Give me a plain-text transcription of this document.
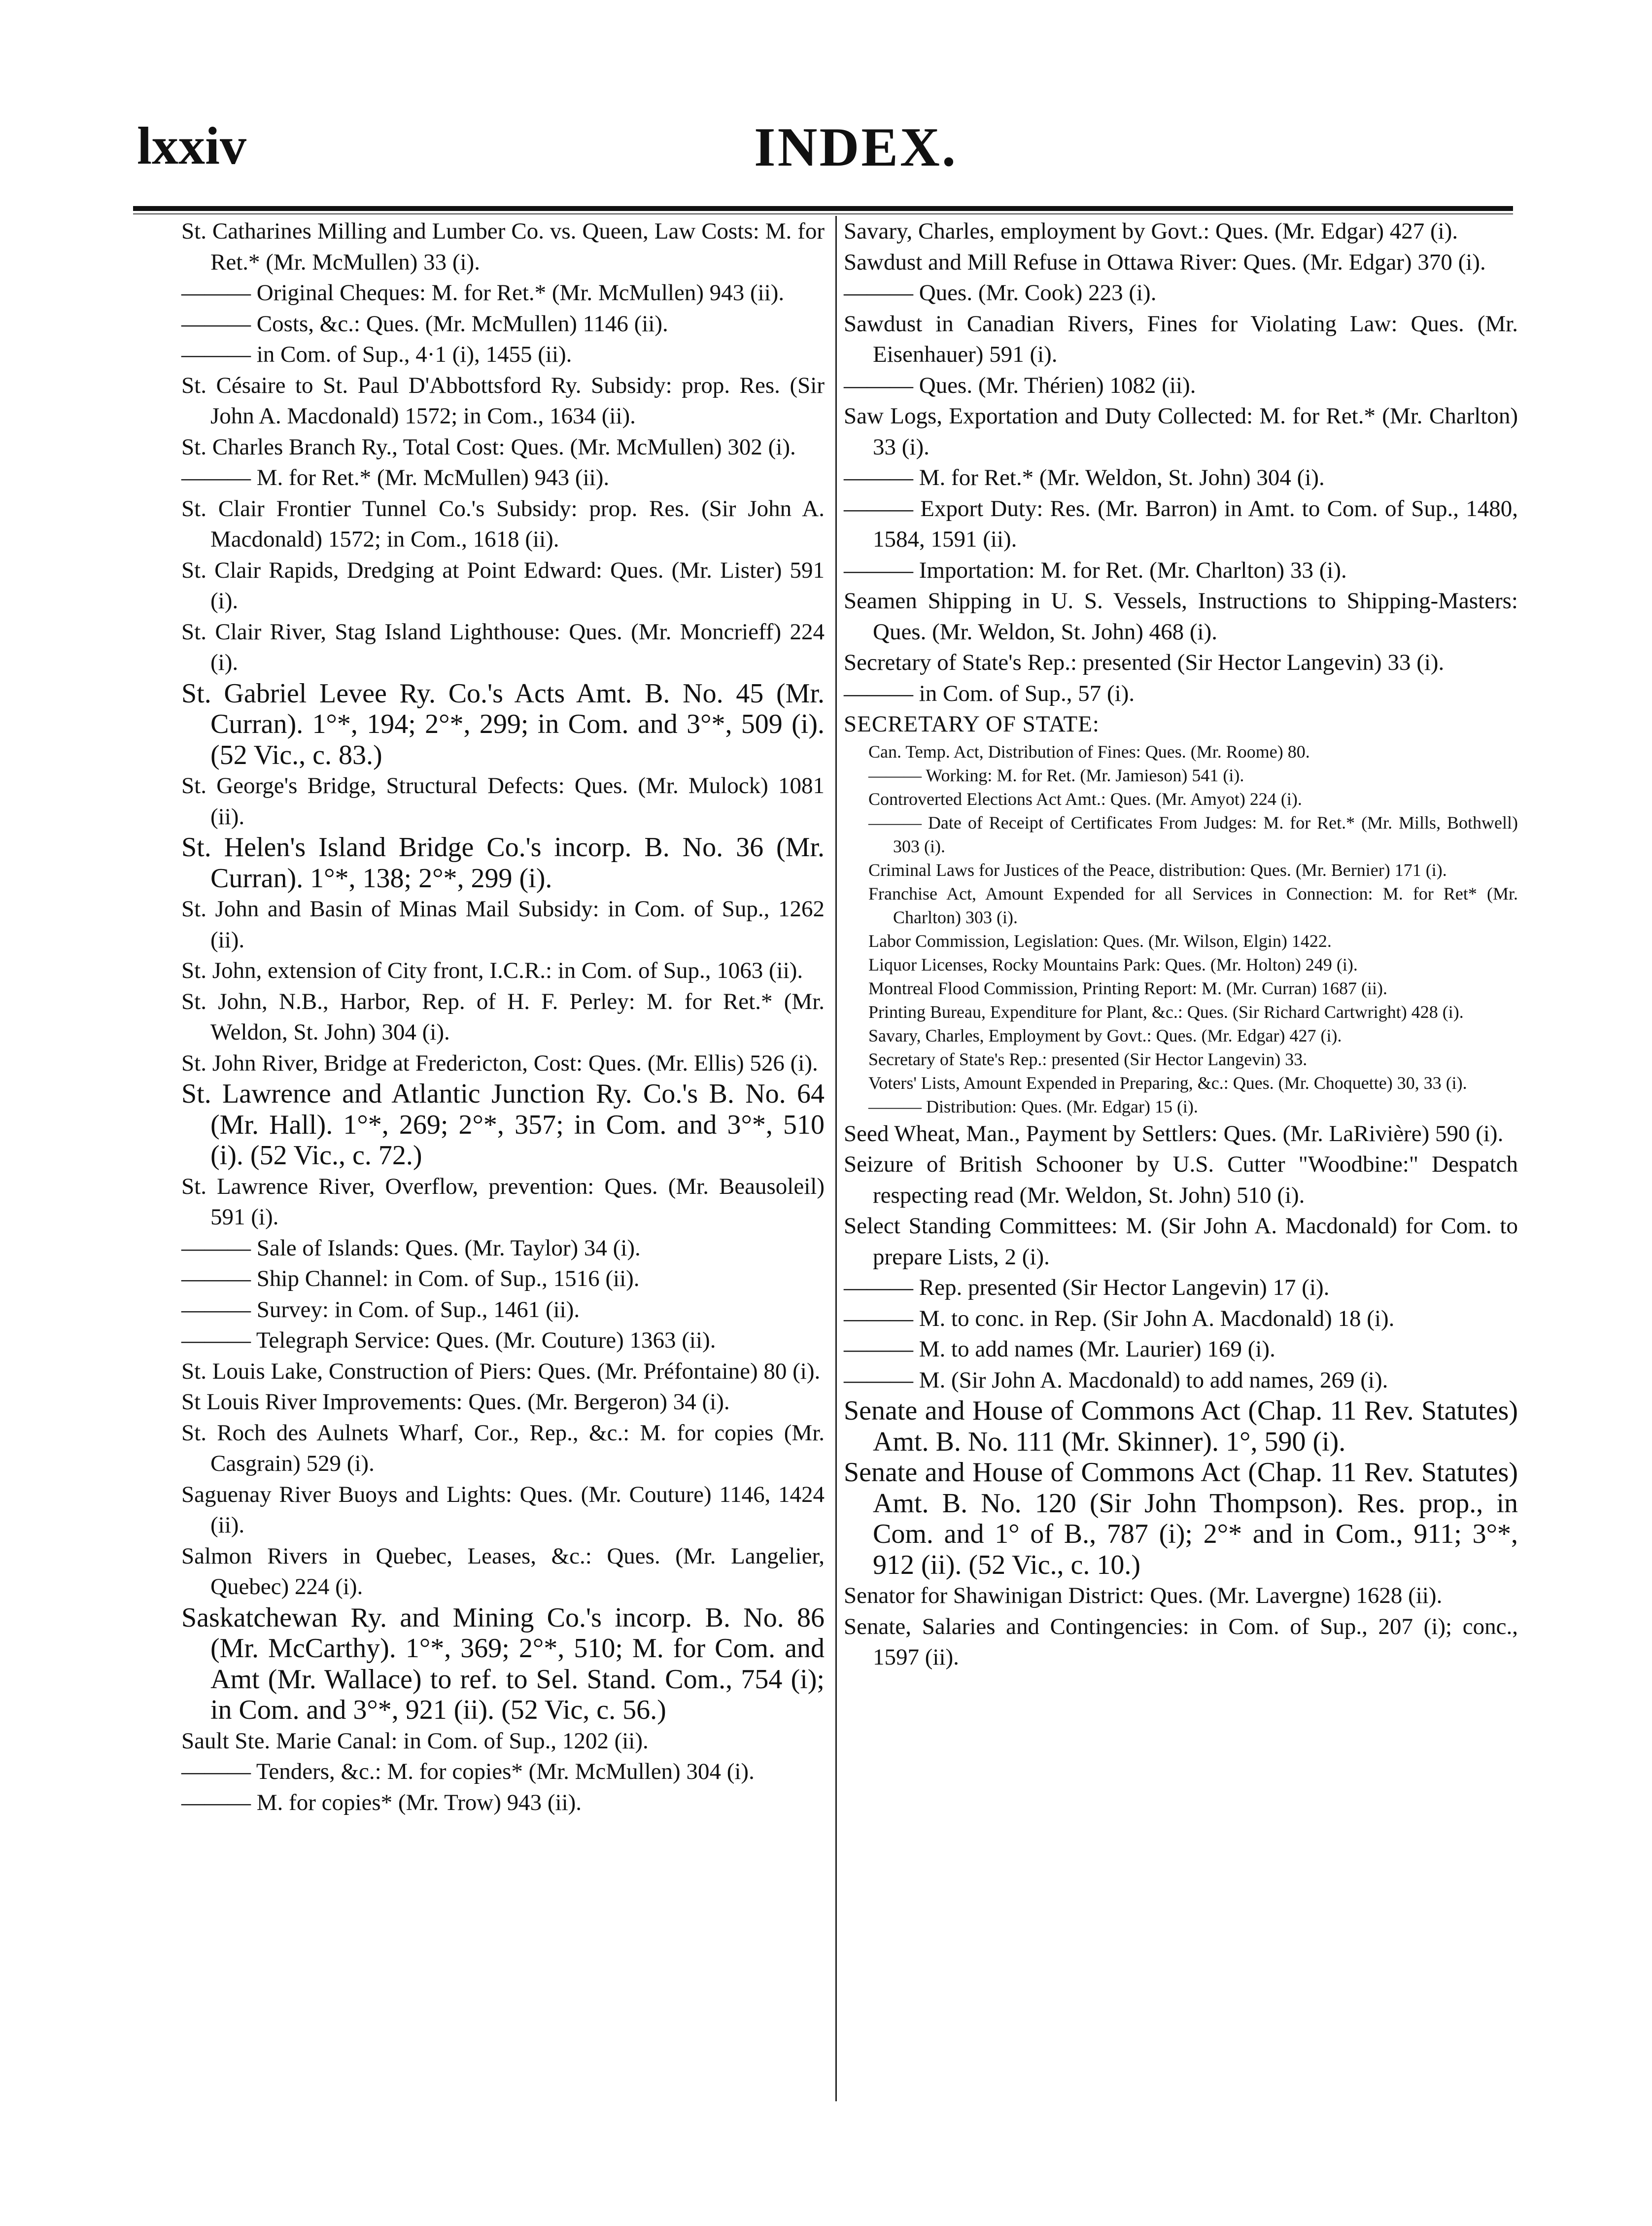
lxxiv	INDEX.

St. Catharines Milling and Lumber Co. vs. Queen, Law Costs: M. for Ret.* (Mr. McMullen) 33 (i).

——— Original Cheques: M. for Ret.* (Mr. McMullen) 943 (ii).

——— Costs, &c.: Ques. (Mr. McMullen) 1146 (ii).

——— in Com. of Sup., 4·1 (i), 1455 (ii).

St. Césaire to St. Paul D'Abbottsford Ry. Subsidy: prop. Res. (Sir John A. Macdonald) 1572; in Com., 1634 (ii).

St. Charles Branch Ry., Total Cost: Ques. (Mr. McMullen) 302 (i).

——— M. for Ret.* (Mr. McMullen) 943 (ii).

St. Clair Frontier Tunnel Co.'s Subsidy: prop. Res. (Sir John A. Macdonald) 1572; in Com., 1618 (ii).

St. Clair Rapids, Dredging at Point Edward: Ques. (Mr. Lister) 591 (i).

St. Clair River, Stag Island Lighthouse: Ques. (Mr. Moncrieff) 224 (i).

St. Gabriel Levee Ry. Co.'s Acts Amt. B. No. 45 (Mr. Curran). 1°*, 194; 2°*, 299; in Com. and 3°*, 509 (i). (52 Vic., c. 83.)

St. George's Bridge, Structural Defects: Ques. (Mr. Mulock) 1081 (ii).

St. Helen's Island Bridge Co.'s incorp. B. No. 36 (Mr. Curran). 1°*, 138; 2°*, 299 (i).

St. John and Basin of Minas Mail Subsidy: in Com. of Sup., 1262 (ii).

St. John, extension of City front, I.C.R.: in Com. of Sup., 1063 (ii).

St. John, N.B., Harbor, Rep. of H. F. Perley: M. for Ret.* (Mr. Weldon, St. John) 304 (i).

St. John River, Bridge at Fredericton, Cost: Ques. (Mr. Ellis) 526 (i).

St. Lawrence and Atlantic Junction Ry. Co.'s B. No. 64 (Mr. Hall). 1°*, 269; 2°*, 357; in Com. and 3°*, 510 (i). (52 Vic., c. 72.)

St. Lawrence River, Overflow, prevention: Ques. (Mr. Beausoleil) 591 (i).

——— Sale of Islands: Ques. (Mr. Taylor) 34 (i).

——— Ship Channel: in Com. of Sup., 1516 (ii).

——— Survey: in Com. of Sup., 1461 (ii).

——— Telegraph Service: Ques. (Mr. Couture) 1363 (ii).

St. Louis Lake, Construction of Piers: Ques. (Mr. Préfontaine) 80 (i).

St Louis River Improvements: Ques. (Mr. Bergeron) 34 (i).

St. Roch des Aulnets Wharf, Cor., Rep., &c.: M. for copies (Mr. Casgrain) 529 (i).

Saguenay River Buoys and Lights: Ques. (Mr. Couture) 1146, 1424 (ii).

Salmon Rivers in Quebec, Leases, &c.: Ques. (Mr. Langelier, Quebec) 224 (i).

Saskatchewan Ry. and Mining Co.'s incorp. B. No. 86 (Mr. McCarthy). 1°*, 369; 2°*, 510; M. for Com. and Amt (Mr. Wallace) to ref. to Sel. Stand. Com., 754 (i); in Com. and 3°*, 921 (ii). (52 Vic, c. 56.)

Sault Ste. Marie Canal: in Com. of Sup., 1202 (ii).

——— Tenders, &c.: M. for copies* (Mr. McMullen) 304 (i).

——— M. for copies* (Mr. Trow) 943 (ii).

Savary, Charles, employment by Govt.: Ques. (Mr. Edgar) 427 (i).

Sawdust and Mill Refuse in Ottawa River: Ques. (Mr. Edgar) 370 (i).

——— Ques. (Mr. Cook) 223 (i).

Sawdust in Canadian Rivers, Fines for Violating Law: Ques. (Mr. Eisenhauer) 591 (i).

——— Ques. (Mr. Thérien) 1082 (ii).

Saw Logs, Exportation and Duty Collected: M. for Ret.* (Mr. Charlton) 33 (i).

——— M. for Ret.* (Mr. Weldon, St. John) 304 (i).

——— Export Duty: Res. (Mr. Barron) in Amt. to Com. of Sup., 1480, 1584, 1591 (ii).

——— Importation: M. for Ret. (Mr. Charlton) 33 (i).

Seamen Shipping in U. S. Vessels, Instructions to Shipping-Masters: Ques. (Mr. Weldon, St. John) 468 (i).

Secretary of State's Rep.: presented (Sir Hector Langevin) 33 (i).

——— in Com. of Sup., 57 (i).

SECRETARY OF STATE:

Can. Temp. Act, Distribution of Fines: Ques. (Mr. Roome) 80.

——— Working: M. for Ret. (Mr. Jamieson) 541 (i).

Controverted Elections Act Amt.: Ques. (Mr. Amyot) 224 (i).

——— Date of Receipt of Certificates From Judges: M. for Ret.* (Mr. Mills, Bothwell) 303 (i).

Criminal Laws for Justices of the Peace, distribution: Ques. (Mr. Bernier) 171 (i).

Franchise Act, Amount Expended for all Services in Connection: M. for Ret* (Mr. Charlton) 303 (i).

Labor Commission, Legislation: Ques. (Mr. Wilson, Elgin) 1422.

Liquor Licenses, Rocky Mountains Park: Ques. (Mr. Holton) 249 (i).

Montreal Flood Commission, Printing Report: M. (Mr. Curran) 1687 (ii).

Printing Bureau, Expenditure for Plant, &c.: Ques. (Sir Richard Cartwright) 428 (i).

Savary, Charles, Employment by Govt.: Ques. (Mr. Edgar) 427 (i).

Secretary of State's Rep.: presented (Sir Hector Langevin) 33.

Voters' Lists, Amount Expended in Preparing, &c.: Ques. (Mr. Choquette) 30, 33 (i).

——— Distribution: Ques. (Mr. Edgar) 15 (i).

Seed Wheat, Man., Payment by Settlers: Ques. (Mr. LaRivière) 590 (i).

Seizure of British Schooner by U.S. Cutter "Woodbine:" Despatch respecting read (Mr. Weldon, St. John) 510 (i).

Select Standing Committees: M. (Sir John A. Macdonald) for Com. to prepare Lists, 2 (i).

——— Rep. presented (Sir Hector Langevin) 17 (i).

——— M. to conc. in Rep. (Sir John A. Macdonald) 18 (i).

——— M. to add names (Mr. Laurier) 169 (i).

——— M. (Sir John A. Macdonald) to add names, 269 (i).

Senate and House of Commons Act (Chap. 11 Rev. Statutes) Amt. B. No. 111 (Mr. Skinner). 1°, 590 (i).

Senate and House of Commons Act (Chap. 11 Rev. Statutes) Amt. B. No. 120 (Sir John Thompson). Res. prop., in Com. and 1° of B., 787 (i); 2°* and in Com., 911; 3°*, 912 (ii). (52 Vic., c. 10.)

Senator for Shawinigan District: Ques. (Mr. Lavergne) 1628 (ii).

Senate, Salaries and Contingencies: in Com. of Sup., 207 (i); conc., 1597 (ii).
